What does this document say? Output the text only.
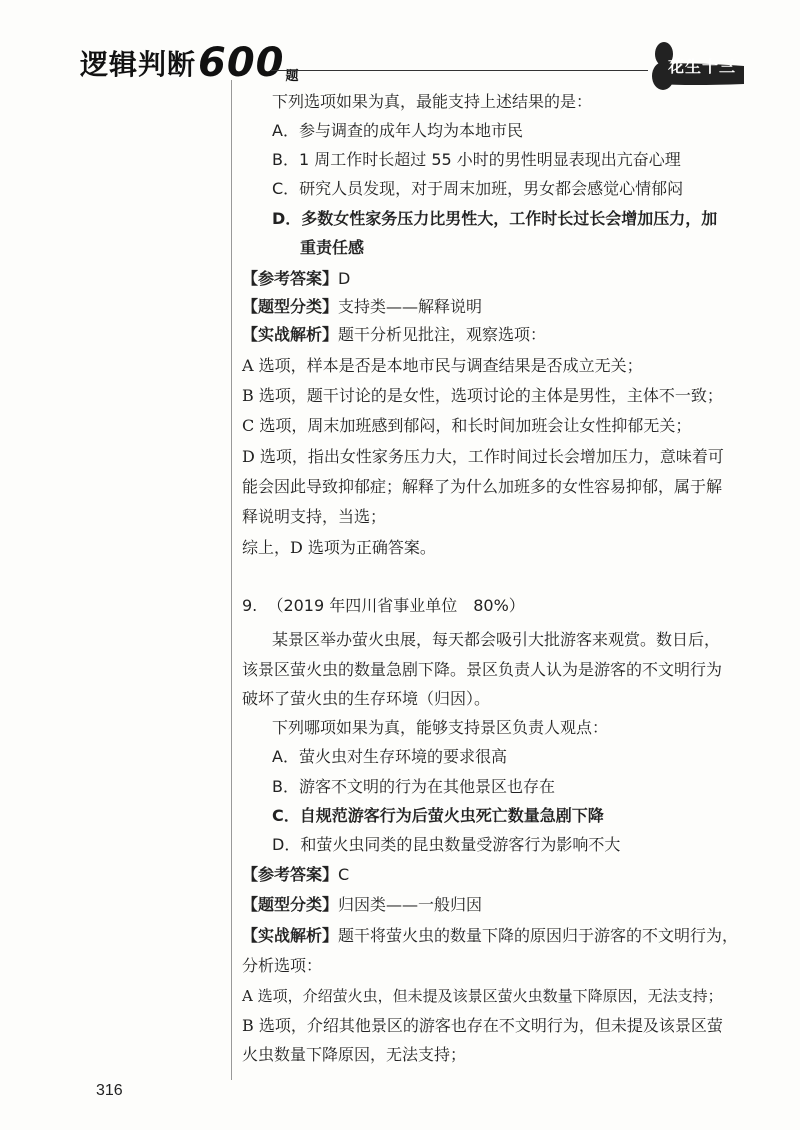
逻辑判断$600_题$
花生十三
下列选项如果为真，最能支持上述结果的是：
A．参与调查的成年人均为本地市民
B．1 周工作时长超过 55 小时的男性明显表现出亢奋心理
C．研究人员发现，对于周末加班，男女都会感觉心情郁闷
D．多数女性家务压力比男性大，工作时长过长会增加压力，加
重责任感
【参考答案】D
【题型分类】支持类——解释说明
【实战解析】题干分析见批注，观察选项：
A 选项，样本是否是本地市民与调查结果是否成立无关；
B 选项，题干讨论的是女性，选项讨论的主体是男性，主体不一致；
C 选项，周末加班感到郁闷，和长时间加班会让女性抑郁无关；
D 选项，指出女性家务压力大，工作时间过长会增加压力，意味着可
能会因此导致抑郁症；解释了为什么加班多的女性容易抑郁，属于解
释说明支持，当选；
综上，D 选项为正确答案。
9. （2019 年四川省事业单位　80%）
某景区举办萤火虫展，每天都会吸引大批游客来观赏。数日后，
该景区萤火虫的数量急剧下降。景区负责人认为是游客的不文明行为
破坏了萤火虫的生存环境（归因）。
下列哪项如果为真，能够支持景区负责人观点：
A．萤火虫对生存环境的要求很高
B．游客不文明的行为在其他景区也存在
C．自规范游客行为后萤火虫死亡数量急剧下降
D．和萤火虫同类的昆虫数量受游客行为影响不大
【参考答案】C
【题型分类】归因类——一般归因
【实战解析】题干将萤火虫的数量下降的原因归于游客的不文明行为，
分析选项：
A 选项，介绍萤火虫，但未提及该景区萤火虫数量下降原因，无法支持；
B 选项，介绍其他景区的游客也存在不文明行为，但未提及该景区萤
火虫数量下降原因，无法支持；
316
